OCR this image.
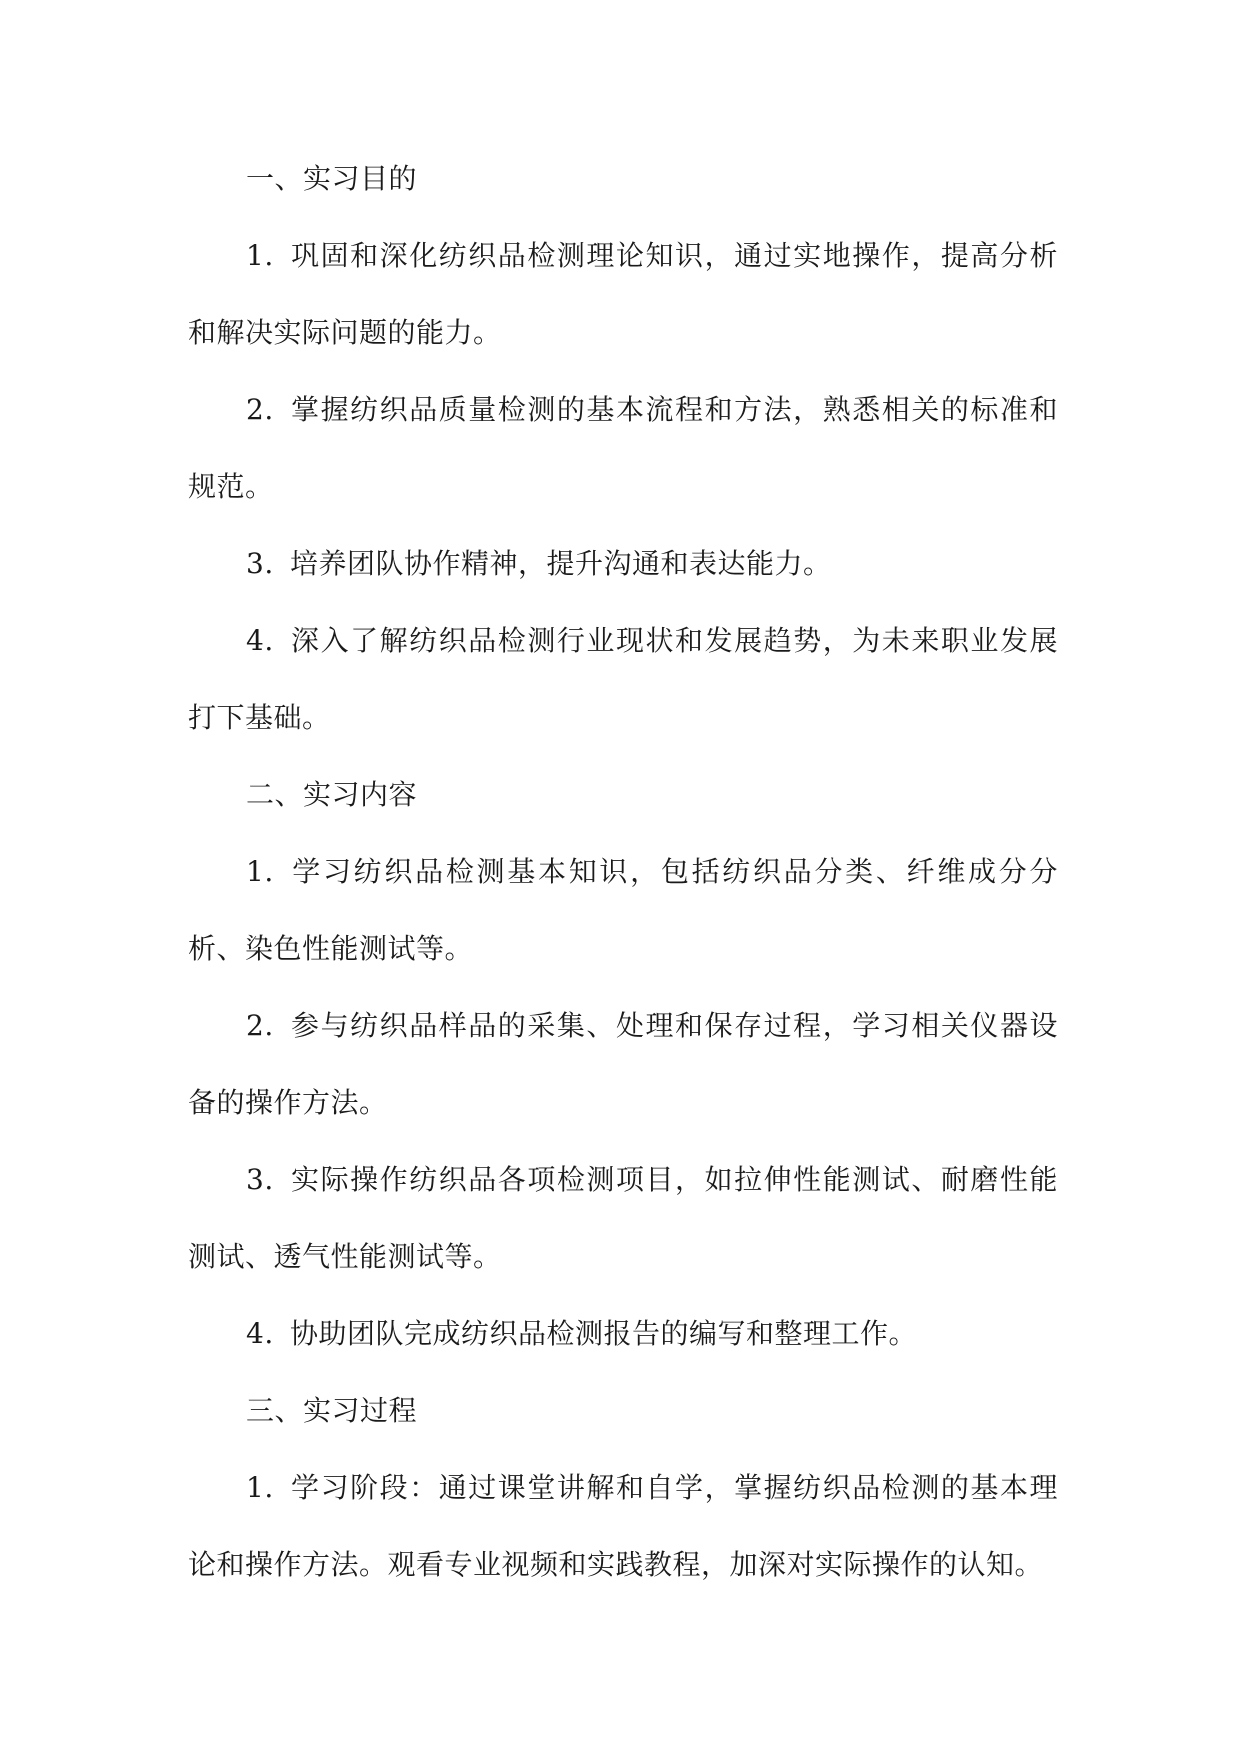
一、实习目的

1. 巩固和深化纺织品检测理论知识，通过实地操作，提高分析和解决实际问题的能力。

2. 掌握纺织品质量检测的基本流程和方法，熟悉相关的标准和规范。

3. 培养团队协作精神，提升沟通和表达能力。

4. 深入了解纺织品检测行业现状和发展趋势，为未来职业发展打下基础。

二、实习内容

1. 学习纺织品检测基本知识，包括纺织品分类、纤维成分分析、染色性能测试等。

2. 参与纺织品样品的采集、处理和保存过程，学习相关仪器设备的操作方法。

3. 实际操作纺织品各项检测项目，如拉伸性能测试、耐磨性能测试、透气性能测试等。

4. 协助团队完成纺织品检测报告的编写和整理工作。

三、实习过程

1. 学习阶段：通过课堂讲解和自学，掌握纺织品检测的基本理论和操作方法。观看专业视频和实践教程，加深对实际操作的认知。
